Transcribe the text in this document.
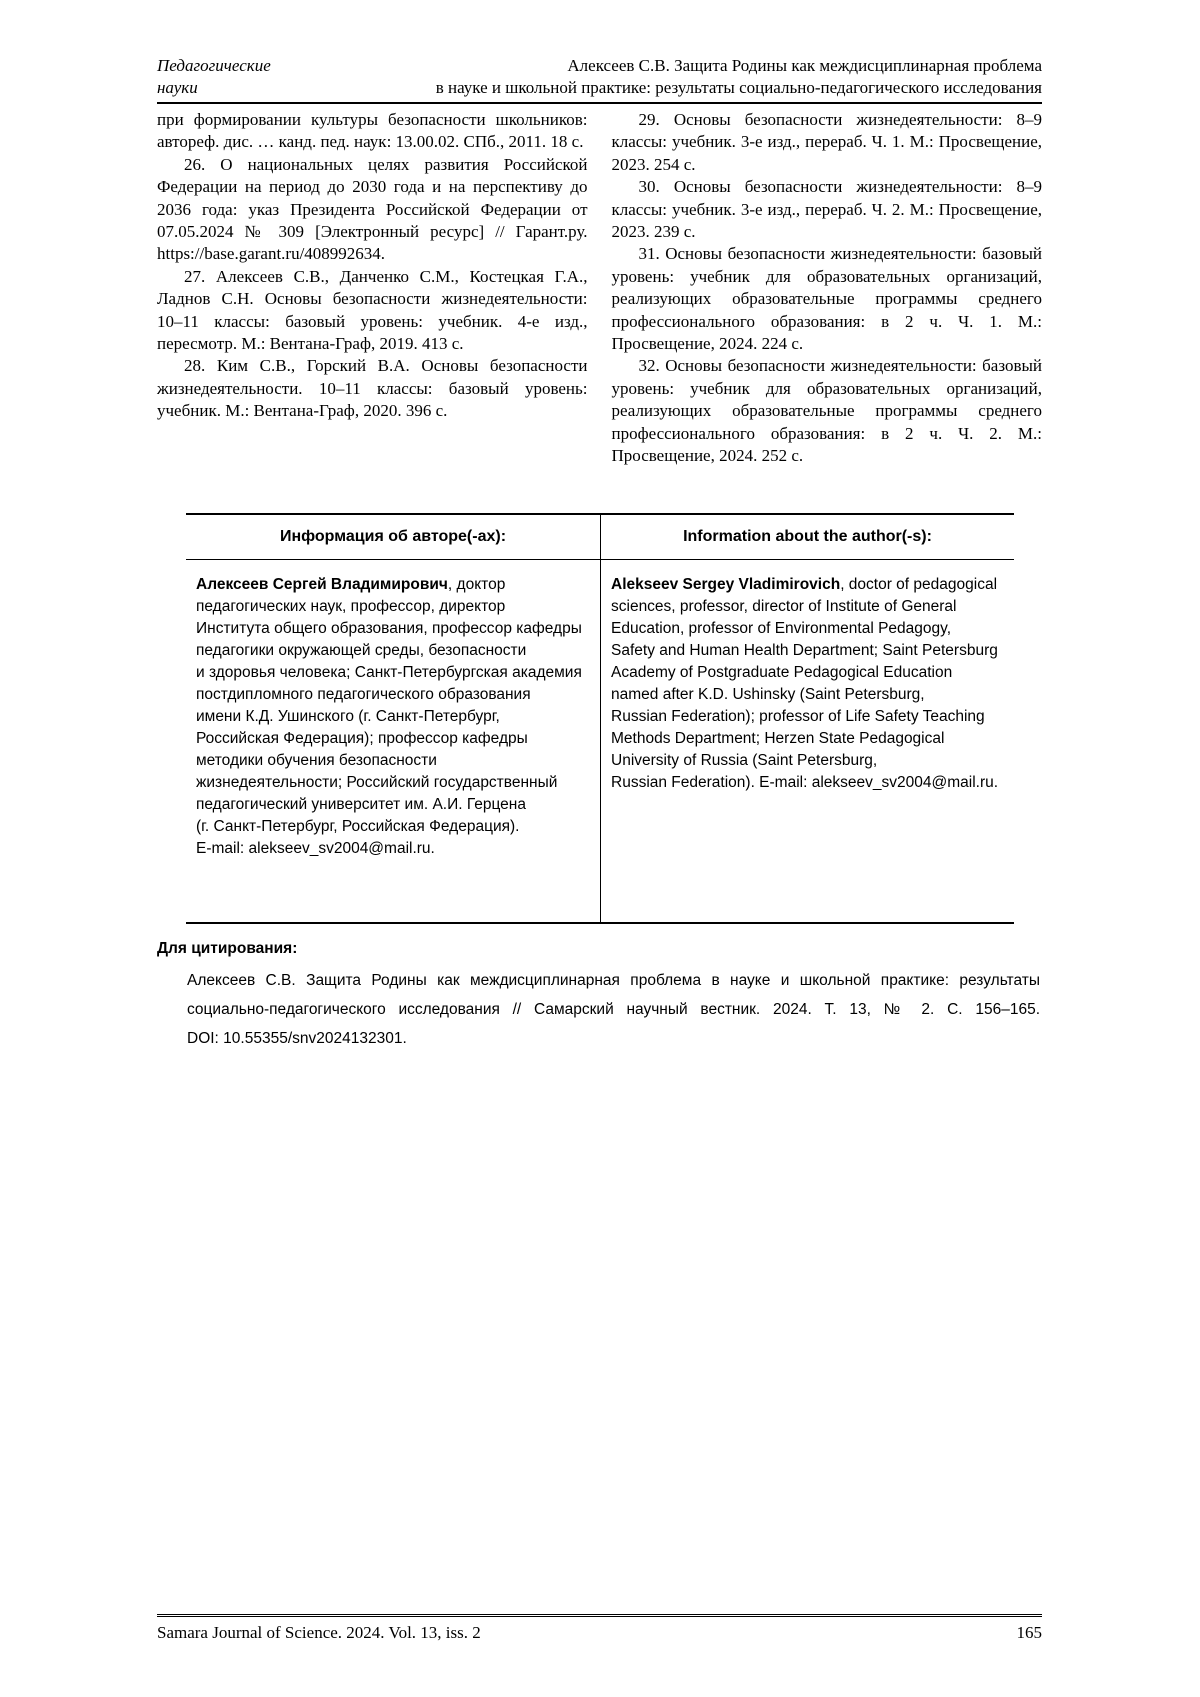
Педагогические
науки
Алексеев С.В. Защита Родины как междисциплинарная проблема
в науке и школьной практике: результаты социально-педагогического исследования

при формировании культуры безопасности школьников: автореф. дис. … канд. пед. наук: 13.00.02. СПб., 2011. 18 с.

26. О национальных целях развития Российской Федерации на период до 2030 года и на перспективу до 2036 года: указ Президента Российской Федерации от 07.05.2024 № 309 [Электронный ресурс] // Гарант.ру. https://base.garant.ru/408992634.

27. Алексеев С.В., Данченко С.М., Костецкая Г.А., Ладнов С.Н. Основы безопасности жизнедеятельности: 10–11 классы: базовый уровень: учебник. 4-е изд., пересмотр. М.: Вентана-Граф, 2019. 413 с.

28. Ким С.В., Горский В.А. Основы безопасности жизнедеятельности. 10–11 классы: базовый уровень: учебник. М.: Вентана-Граф, 2020. 396 с.

29. Основы безопасности жизнедеятельности: 8–9 классы: учебник. 3-е изд., перераб. Ч. 1. М.: Просвещение, 2023. 254 с.

30. Основы безопасности жизнедеятельности: 8–9 классы: учебник. 3-е изд., перераб. Ч. 2. М.: Просвещение, 2023. 239 с.

31. Основы безопасности жизнедеятельности: базовый уровень: учебник для образовательных организаций, реализующих образовательные программы среднего профессионального образования: в 2 ч. Ч. 1. М.: Просвещение, 2024. 224 с.

32. Основы безопасности жизнедеятельности: базовый уровень: учебник для образовательных организаций, реализующих образовательные программы среднего профессионального образования: в 2 ч. Ч. 2. М.: Просвещение, 2024. 252 с.

Информация об авторе(-ах):	Information about the author(-s):
Алексеев Сергей Владимирович, доктор
педагогических наук, профессор, директор
Института общего образования, профессор кафедры
педагогики окружающей среды, безопасности
и здоровья человека; Санкт-Петербургская академия
постдипломного педагогического образования
имени К.Д. Ушинского (г. Санкт-Петербург,
Российская Федерация); профессор кафедры
методики обучения безопасности
жизнедеятельности; Российский государственный
педагогический университет им. А.И. Герцена
(г. Санкт-Петербург, Российская Федерация).
E-mail: alekseev_sv2004@mail.ru.
Alekseev Sergey Vladimirovich, doctor of pedagogical
sciences, professor, director of Institute of General
Education, professor of Environmental Pedagogy,
Safety and Human Health Department; Saint Petersburg
Academy of Postgraduate Pedagogical Education
named after K.D. Ushinsky (Saint Petersburg,
Russian Federation); professor of Life Safety Teaching
Methods Department; Herzen State Pedagogical
University of Russia (Saint Petersburg,
Russian Federation). E-mail: alekseev_sv2004@mail.ru.
Для цитирования:
Алексеев С.В. Защита Родины как междисциплинарная проблема в науке и школьной практике: результаты
социально-педагогического исследования // Самарский научный вестник. 2024. Т. 13, № 2. С. 156–165.
DOI: 10.55355/snv2024132301.
Samara Journal of Science. 2024. Vol. 13, iss. 2	165
